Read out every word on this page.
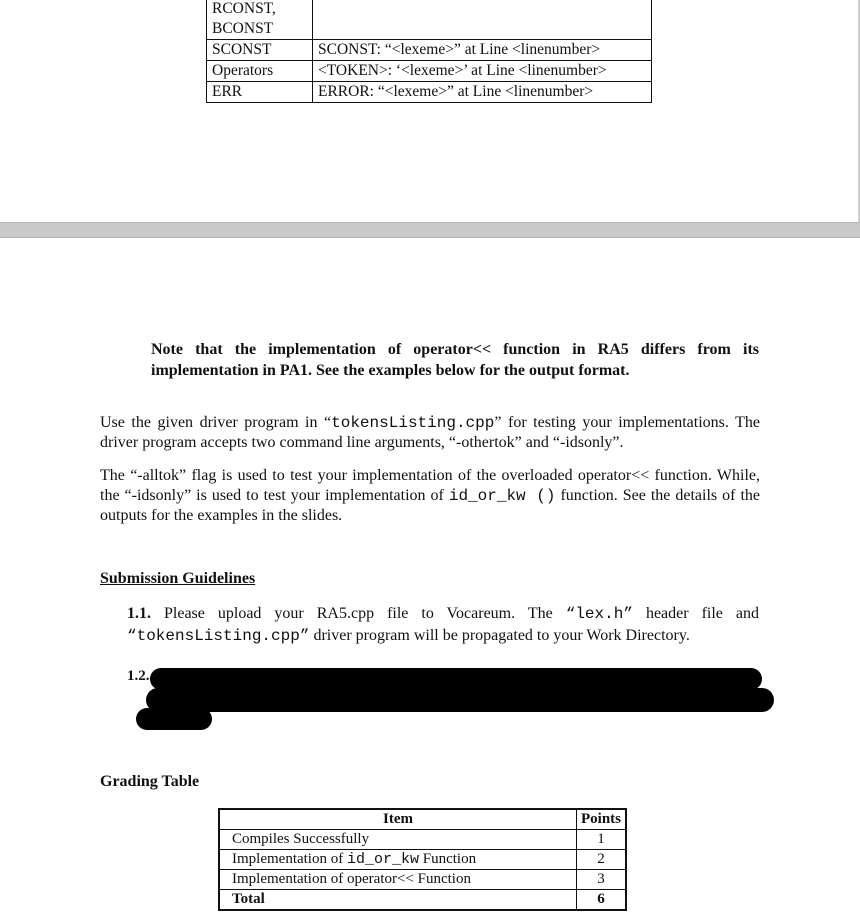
RCONST,
BCONST	
SCONST	SCONST: “<lexeme>” at Line <linenumber>
Operators	<TOKEN>: ‘<lexeme>’ at Line <linenumber>
ERR	ERROR: “<lexeme>” at Line <linenumber>
Note that the implementation of operator<< function in RA5 differs from its implementation in PA1. See the examples below for the output format.
Use the given driver program in “tokensListing.cpp” for testing your implementations. The driver program accepts two command line arguments, “-othertok” and “-idsonly”.
The “-alltok” flag is used to test your implementation of the overloaded operator<< function. While, the “-idsonly” is used to test your implementation of id_or_kw () function. See the details of the outputs for the examples in the slides.
Submission Guidelines
1.1. Please upload your RA5.cpp file to Vocareum. The “lex.h” header file and “tokensListing.cpp” driver program will be propagated to your Work Directory.
1.2.
Grading Table
Item	Points
Compiles Successfully	1
Implementation of id_or_kw Function	2
Implementation of operator<< Function	3
Total	6
